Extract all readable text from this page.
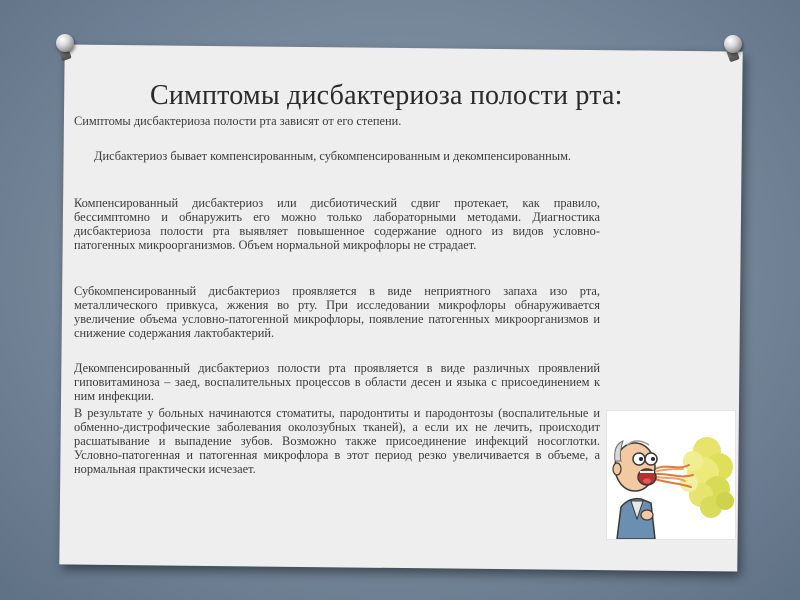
Симптомы дисбактериоза полости рта:
Симптомы дисбактериоза полости рта зависят от его степени.
Дисбактериоз бывает компенсированным, субкомпенсированным и декомпенсированным.
Компенсированный дисбактериоз или дисбиотический сдвиг протекает, как правило, бессимптомно и обнаружить его можно только лабораторными методами. Диагностика дисбактериоза полости рта выявляет повышенное содержание одного из видов условно-патогенных микроорганизмов. Объем нормальной микрофлоры не страдает.
Субкомпенсированный дисбактериоз проявляется в виде неприятного запаха изо рта, металлического привкуса, жжения во рту. При исследовании микрофлоры обнаруживается увеличение объема условно-патогенной микрофлоры, появление патогенных микроорганизмов и снижение содержания лактобактерий.
Декомпенсированный дисбактериоз полости рта проявляется в виде различных проявлений гиповитаминоза – заед, воспалительных процессов в области десен и языка с присоединением к ним инфекции.
В результате у больных начинаются стоматиты, пародонтиты и пародонтозы (воспалительные и обменно-дистрофические заболевания околозубных тканей), а если их не лечить, происходит расшатывание и выпадение зубов. Возможно также присоединение инфекций носоглотки. Условно-патогенная и патогенная микрофлора в этот период резко увеличивается в объеме, а нормальная практически исчезает.
